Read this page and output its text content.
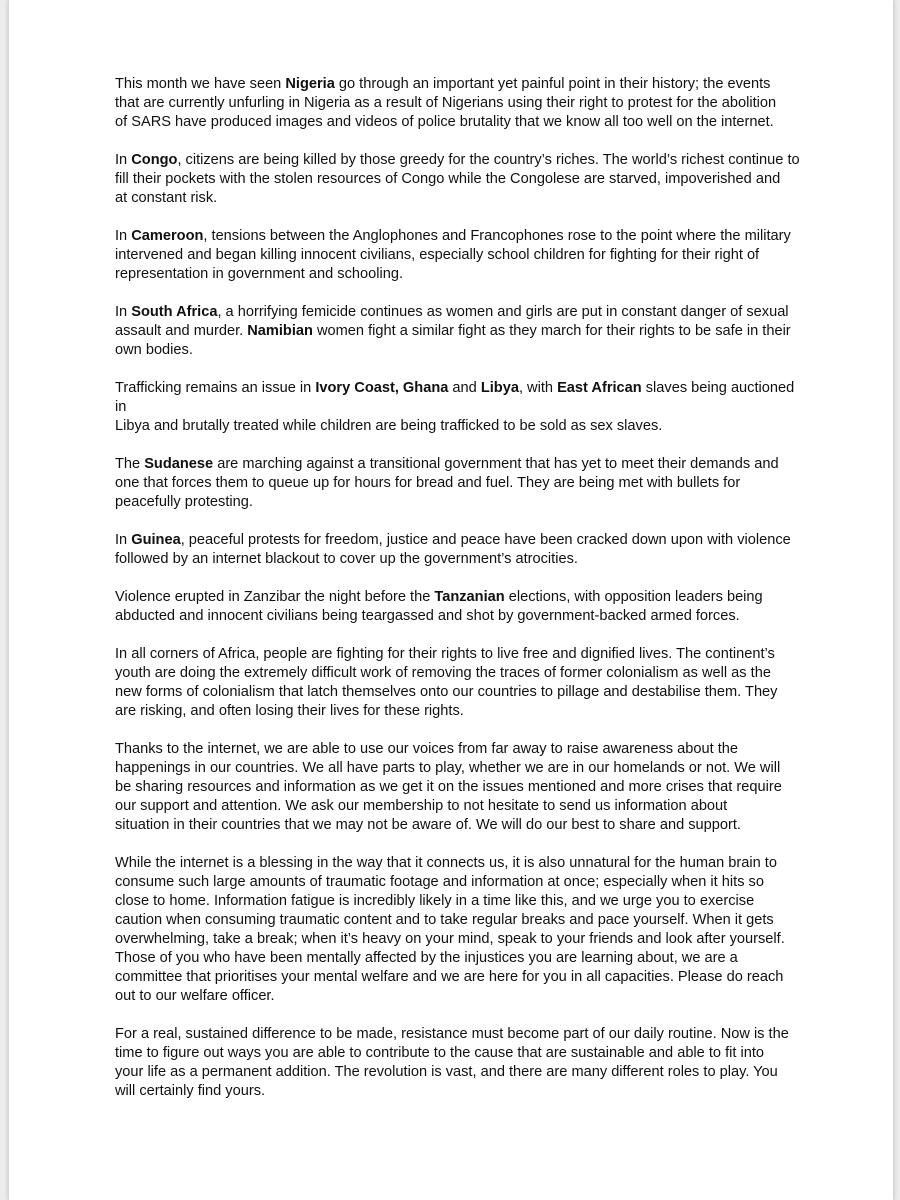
This month we have seen Nigeria go through an important yet painful point in their history; the events
that are currently unfurling in Nigeria as a result of Nigerians using their right to protest for the abolition
of SARS have produced images and videos of police brutality that we know all too well on the internet.

In Congo, citizens are being killed by those greedy for the country’s riches. The world’s richest continue to
fill their pockets with the stolen resources of Congo while the Congolese are starved, impoverished and
at constant risk.

In Cameroon, tensions between the Anglophones and Francophones rose to the point where the military
intervened and began killing innocent civilians, especially school children for fighting for their right of
representation in government and schooling.

In South Africa, a horrifying femicide continues as women and girls are put in constant danger of sexual
assault and murder. Namibian women fight a similar fight as they march for their rights to be safe in their
own bodies.

Trafficking remains an issue in Ivory Coast, Ghana and Libya, with East African slaves being auctioned in
Libya and brutally treated while children are being trafficked to be sold as sex slaves.

The Sudanese are marching against a transitional government that has yet to meet their demands and
one that forces them to queue up for hours for bread and fuel. They are being met with bullets for
peacefully protesting.

In Guinea, peaceful protests for freedom, justice and peace have been cracked down upon with violence
followed by an internet blackout to cover up the government’s atrocities.

Violence erupted in Zanzibar the night before the Tanzanian elections, with opposition leaders being
abducted and innocent civilians being teargassed and shot by government-backed armed forces.

In all corners of Africa, people are fighting for their rights to live free and dignified lives. The continent’s
youth are doing the extremely difficult work of removing the traces of former colonialism as well as the
new forms of colonialism that latch themselves onto our countries to pillage and destabilise them. They
are risking, and often losing their lives for these rights.

Thanks to the internet, we are able to use our voices from far away to raise awareness about the
happenings in our countries. We all have parts to play, whether we are in our homelands or not. We will
be sharing resources and information as we get it on the issues mentioned and more crises that require
our support and attention. We ask our membership to not hesitate to send us information about
situation in their countries that we may not be aware of. We will do our best to share and support.

While the internet is a blessing in the way that it connects us, it is also unnatural for the human brain to
consume such large amounts of traumatic footage and information at once; especially when it hits so
close to home. Information fatigue is incredibly likely in a time like this, and we urge you to exercise
caution when consuming traumatic content and to take regular breaks and pace yourself. When it gets
overwhelming, take a break; when it’s heavy on your mind, speak to your friends and look after yourself.
Those of you who have been mentally affected by the injustices you are learning about, we are a
committee that prioritises your mental welfare and we are here for you in all capacities. Please do reach
out to our welfare officer.

For a real, sustained difference to be made, resistance must become part of our daily routine. Now is the
time to figure out ways you are able to contribute to the cause that are sustainable and able to fit into
your life as a permanent addition. The revolution is vast, and there are many different roles to play. You
will certainly find yours.
